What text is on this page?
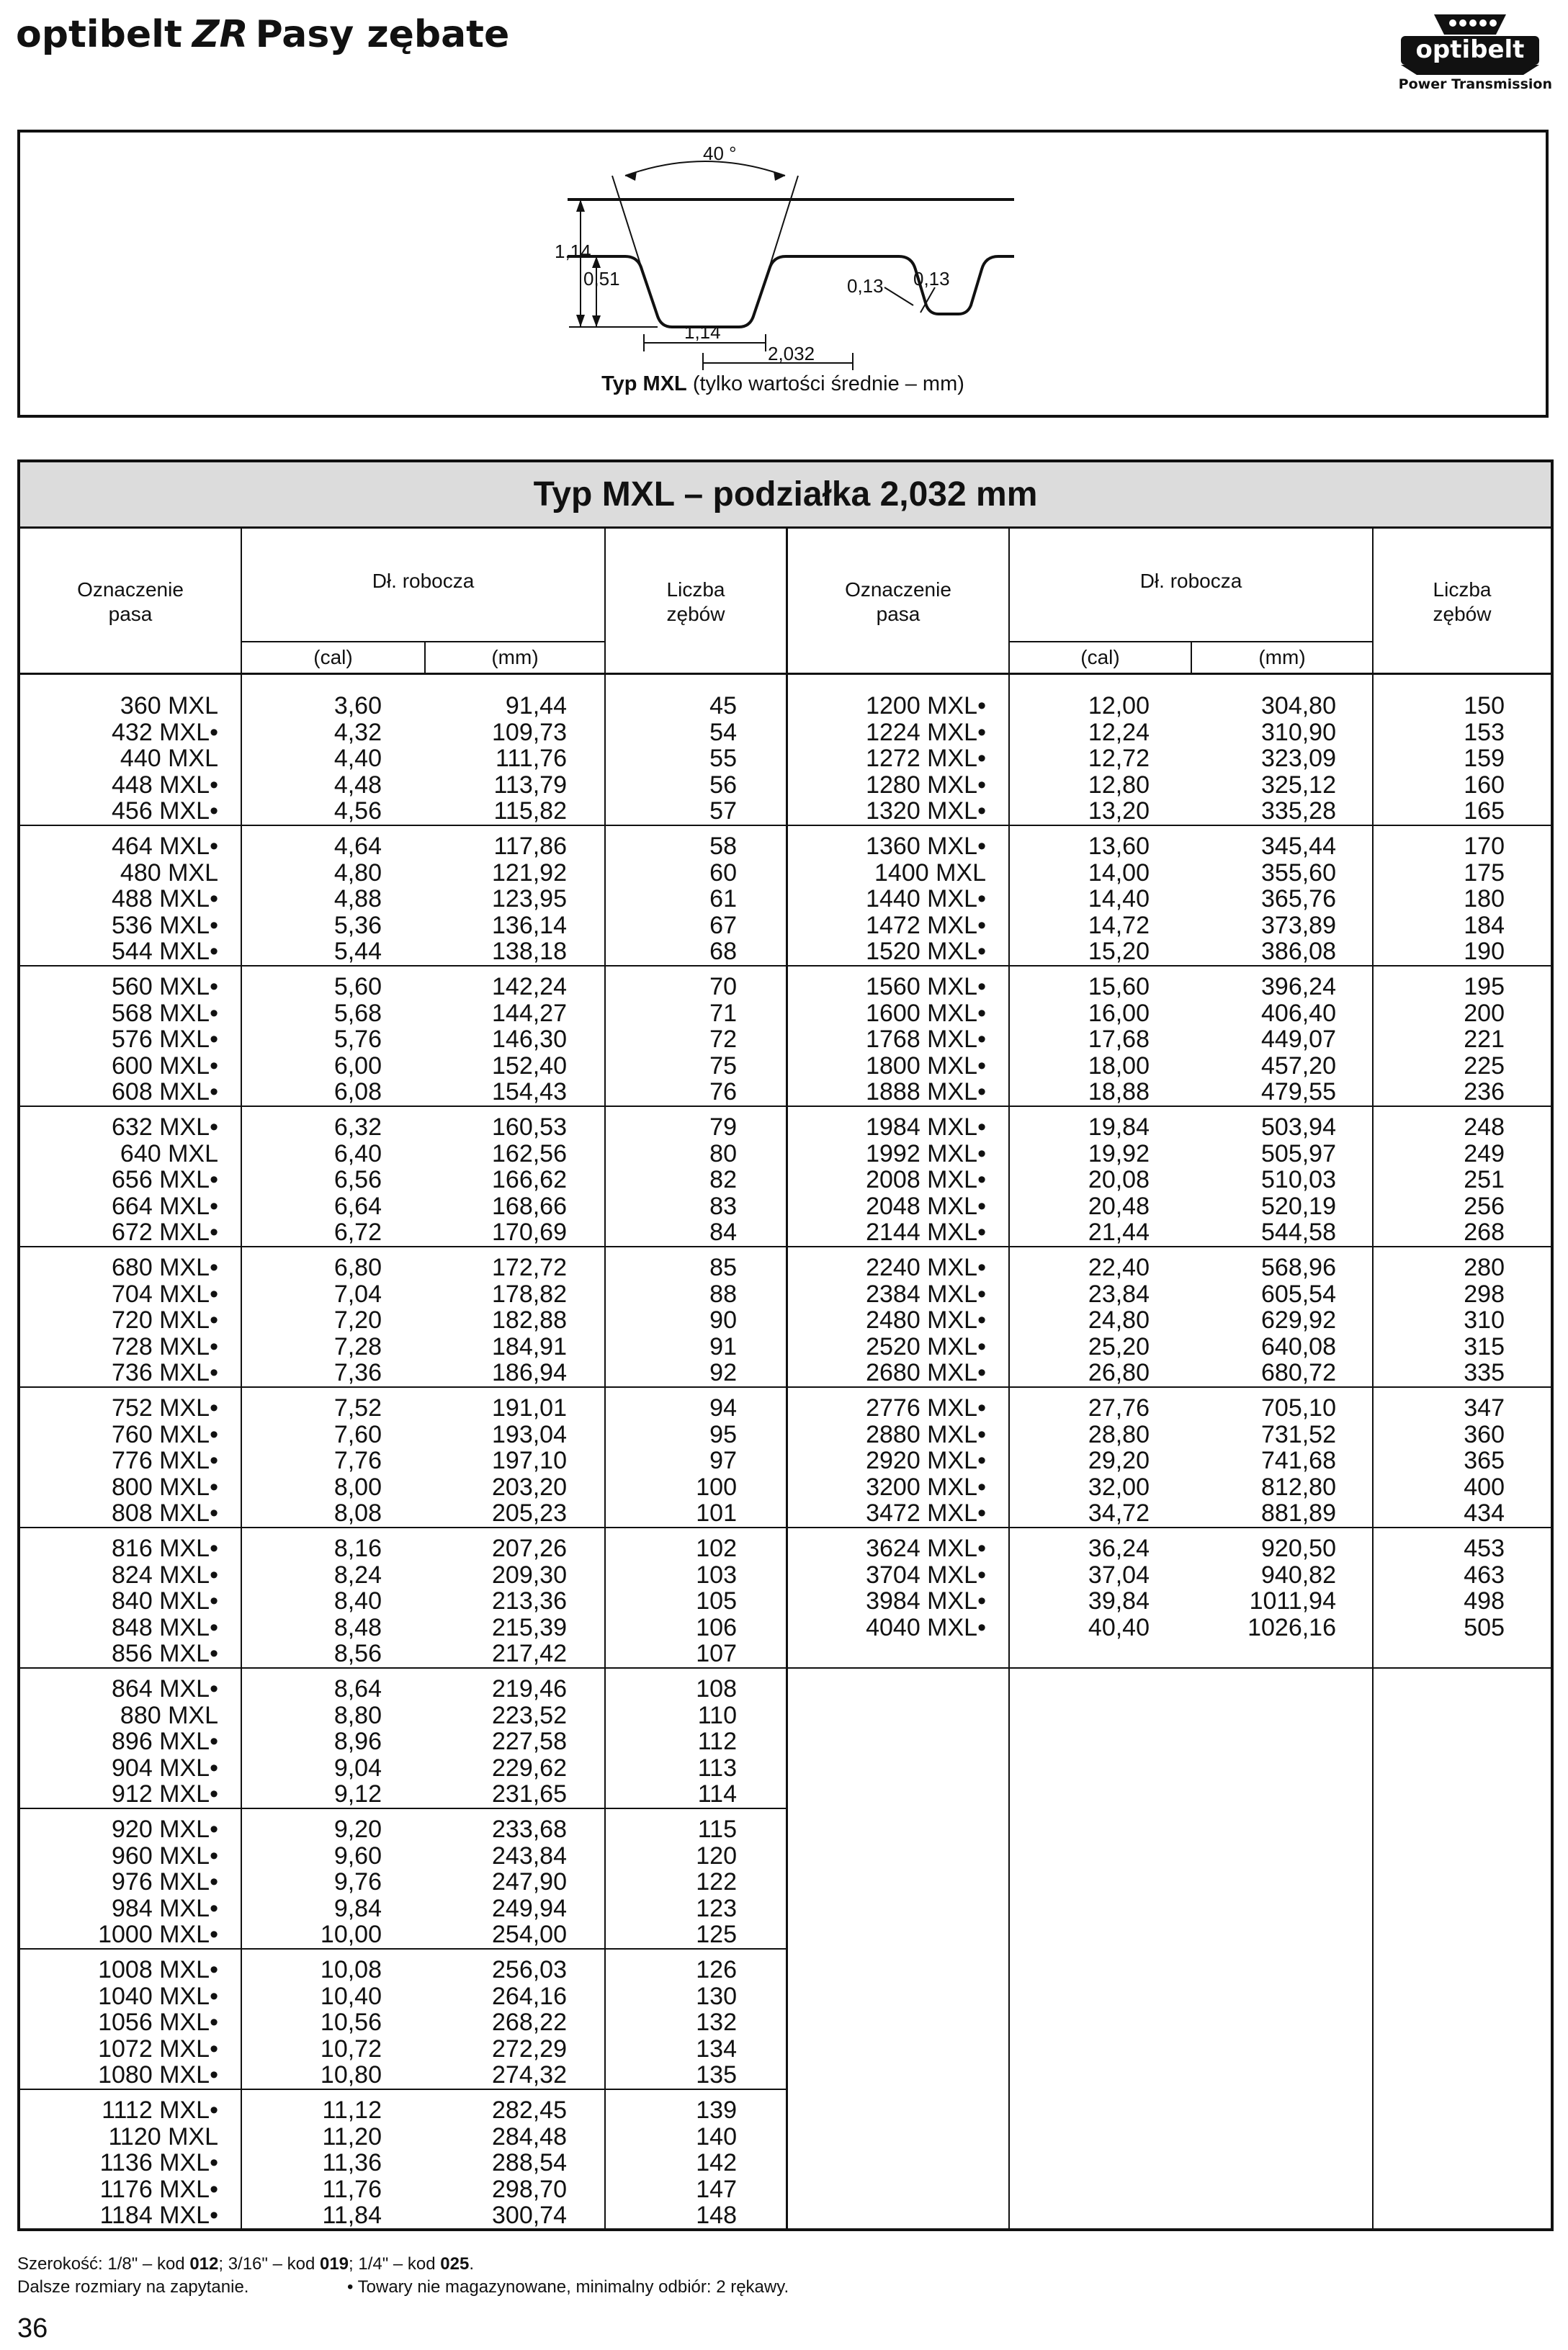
optibelt ZR Pasy zębate	optibelt
Power Transmission
40 °
1,14
0,51	0,13 0,13
1,14
2,032
Typ MXL (tylko wartości średnie – mm)
Typ MXL – podziałka 2,032 mm
Oznaczenie
pasa
Dł. robocza
(cal)	(mm)
Liczba
zębów
Oznaczenie
pasa
Dł. robocza
(cal)	(mm)
Liczba
zębów
360 MXL	3,60	91,44	45
432 MXL•	4,32	109,73	54
440 MXL	4,40	111,76	55
448 MXL•	4,48	113,79	56
456 MXL•	4,56	115,82	57
464 MXL•	4,64	117,86	58
480 MXL	4,80	121,92	60
488 MXL•	4,88	123,95	61
536 MXL•	5,36	136,14	67
544 MXL•	5,44	138,18	68
560 MXL•	5,60	142,24	70
568 MXL•	5,68	144,27	71
576 MXL•	5,76	146,30	72
600 MXL•	6,00	152,40	75
608 MXL•	6,08	154,43	76
632 MXL•	6,32	160,53	79
640 MXL	6,40	162,56	80
656 MXL•	6,56	166,62	82
664 MXL•	6,64	168,66	83
672 MXL•	6,72	170,69	84
680 MXL•	6,80	172,72	85
704 MXL•	7,04	178,82	88
720 MXL•	7,20	182,88	90
728 MXL•	7,28	184,91	91
736 MXL•	7,36	186,94	92
752 MXL•	7,52	191,01	94
760 MXL•	7,60	193,04	95
776 MXL•	7,76	197,10	97
800 MXL•	8,00	203,20	100
808 MXL•	8,08	205,23	101
816 MXL•	8,16	207,26	102
824 MXL•	8,24	209,30	103
840 MXL•	8,40	213,36	105
848 MXL•	8,48	215,39	106
856 MXL•	8,56	217,42	107
864 MXL•	8,64	219,46	108
880 MXL	8,80	223,52	110
896 MXL•	8,96	227,58	112
904 MXL•	9,04	229,62	113
912 MXL•	9,12	231,65	114
920 MXL•	9,20	233,68	115
960 MXL•	9,60	243,84	120
976 MXL•	9,76	247,90	122
984 MXL•	9,84	249,94	123
1000 MXL•	10,00	254,00	125
1008 MXL•	10,08	256,03	126
1040 MXL•	10,40	264,16	130
1056 MXL•	10,56	268,22	132
1072 MXL•	10,72	272,29	134
1080 MXL•	10,80	274,32	135
1112 MXL•	11,12	282,45	139
1120 MXL	11,20	284,48	140
1136 MXL•	11,36	288,54	142
1176 MXL•	11,76	298,70	147
1184 MXL•	11,84	300,74	148
1200 MXL•	12,00	304,80	150
1224 MXL•	12,24	310,90	153
1272 MXL•	12,72	323,09	159
1280 MXL•	12,80	325,12	160
1320 MXL•	13,20	335,28	165
1360 MXL•	13,60	345,44	170
1400 MXL	14,00	355,60	175
1440 MXL•	14,40	365,76	180
1472 MXL•	14,72	373,89	184
1520 MXL•	15,20	386,08	190
1560 MXL•	15,60	396,24	195
1600 MXL•	16,00	406,40	200
1768 MXL•	17,68	449,07	221
1800 MXL•	18,00	457,20	225
1888 MXL•	18,88	479,55	236
1984 MXL•	19,84	503,94	248
1992 MXL•	19,92	505,97	249
2008 MXL•	20,08	510,03	251
2048 MXL•	20,48	520,19	256
2144 MXL•	21,44	544,58	268
2240 MXL•	22,40	568,96	280
2384 MXL•	23,84	605,54	298
2480 MXL•	24,80	629,92	310
2520 MXL•	25,20	640,08	315
2680 MXL•	26,80	680,72	335
2776 MXL•	27,76	705,10	347
2880 MXL•	28,80	731,52	360
2920 MXL•	29,20	741,68	365
3200 MXL•	32,00	812,80	400
3472 MXL•	34,72	881,89	434
3624 MXL•	36,24	920,50	453
3704 MXL•	37,04	940,82	463
3984 MXL•	39,84	1011,94	498
4040 MXL•	40,40	1026,16	505
Szerokość: 1/8" – kod 012; 3/16" – kod 019; 1/4" – kod 025.
Dalsze rozmiary na zapytanie.	• Towary nie magazynowane, minimalny odbiór: 2 rękawy.
36
